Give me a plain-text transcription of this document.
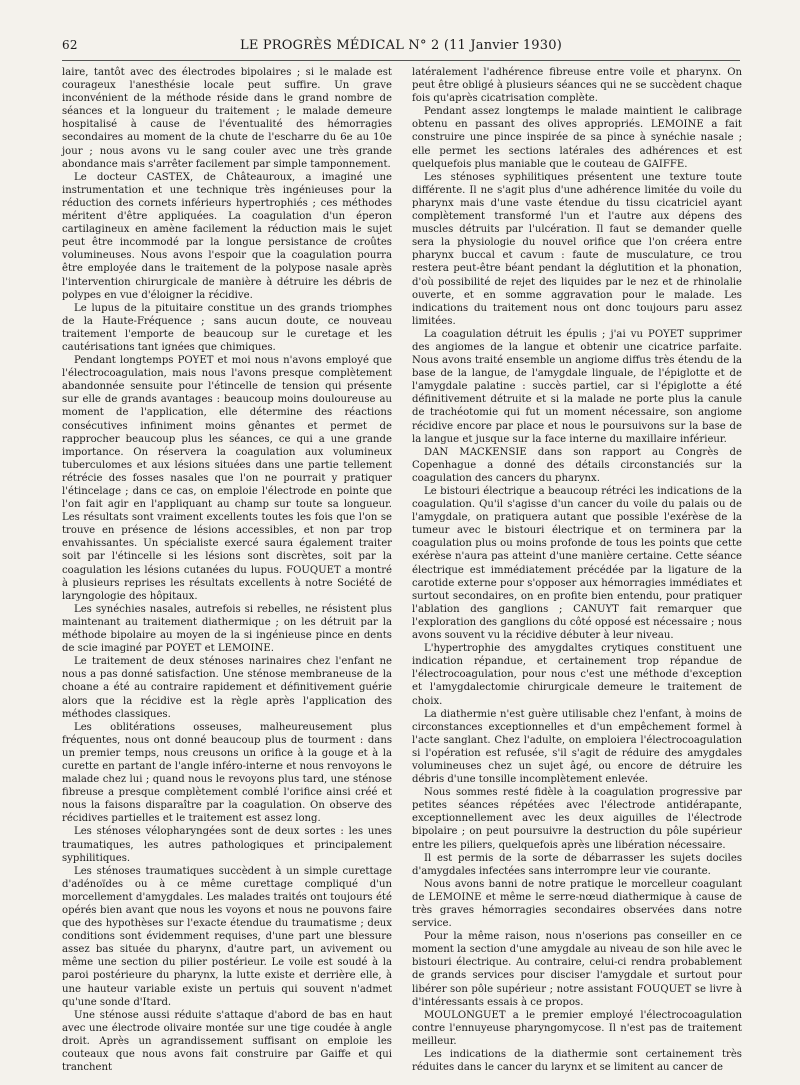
62	LE PROGRÈS MÉDICAL N° 2 (11 Janvier 1930)

laire, tantôt avec des électrodes bipolaires ; si le malade est courageux l'anesthésie locale peut suffire. Un grave inconvénient de la méthode réside dans le grand nombre de séances et la longueur du traitement ; le malade demeure hospitalisé à cause de l'éventualité des hémorragies secondaires au moment de la chute de l'escharre du 6e au 10e jour ; nous avons vu le sang couler avec une très grande abondance mais s'arrêter facilement par simple tamponnement.

Le docteur CASTEX, de Châteauroux, a imaginé une instrumentation et une technique très ingénieuses pour la réduction des cornets inférieurs hypertrophiés ; ces méthodes méritent d'être appliquées. La coagulation d'un éperon cartilagineux en amène facilement la réduction mais le sujet peut être incommodé par la longue persistance de croûtes volumineuses. Nous avons l'espoir que la coagulation pourra être employée dans le traitement de la polypose nasale après l'intervention chirurgicale de manière à détruire les débris de polypes en vue d'éloigner la récidive.

Le lupus de la pituitaire constitue un des grands triomphes de la Haute-Fréquence ; sans aucun doute, ce nouveau traitement l'emporte de beaucoup sur le curetage et les cautérisations tant ignées que chimiques.

Pendant longtemps POYET et moi nous n'avons employé que l'électrocoagulation, mais nous l'avons presque complètement abandonnée sensuite pour l'étincelle de tension qui présente sur elle de grands avantages : beaucoup moins douloureuse au moment de l'application, elle détermine des réactions consécutives infiniment moins gênantes et permet de rapprocher beaucoup plus les séances, ce qui a une grande importance. On réservera la coagulation aux volumineux tuberculomes et aux lésions situées dans une partie tellement rétrécie des fosses nasales que l'on ne pourrait y pratiquer l'étincelage ; dans ce cas, on emploie l'électrode en pointe que l'on fait agir en l'appliquant au champ sur toute sa longueur. Les résultats sont vraiment excellents toutes les fois que l'on se trouve en présence de lésions accessibles, et non par trop envahissantes. Un spécialiste exercé saura également traiter soit par l'étincelle si les lésions sont discrètes, soit par la coagulation les lésions cutanées du lupus. FOUQUET a montré à plusieurs reprises les résultats excellents à notre Société de laryngologie des hôpitaux.

Les synéchies nasales, autrefois si rebelles, ne résistent plus maintenant au traitement diathermique ; on les détruit par la méthode bipolaire au moyen de la si ingénieuse pince en dents de scie imaginé par POYET et LEMOINE.

Le traitement de deux sténoses narinaires chez l'enfant ne nous a pas donné satisfaction. Une sténose membraneuse de la choane a été au contraire rapidement et définitivement guérie alors que la récidive est la règle après l'application des méthodes classiques.

Les oblitérations osseuses, malheureusement plus fréquentes, nous ont donné beaucoup plus de tourment : dans un premier temps, nous creusons un orifice à la gouge et à la curette en partant de l'angle inféro-interne et nous renvoyons le malade chez lui ; quand nous le revoyons plus tard, une sténose fibreuse a presque complètement comblé l'orifice ainsi créé et nous la faisons disparaître par la coagulation. On observe des récidives partielles et le traitement est assez long.

Les sténoses vélopharyngées sont de deux sortes : les unes traumatiques, les autres pathologiques et principalement syphilitiques.

Les sténoses traumatiques succèdent à un simple curettage d'adénoïdes ou à ce même curettage compliqué d'un morcellement d'amygdales. Les malades traités ont toujours été opérés bien avant que nous les voyons et nous ne pouvons faire que des hypothèses sur l'exacte étendue du traumatisme ; deux conditions sont évidemment requises, d'une part une blessure assez bas située du pharynx, d'autre part, un avivement ou même une section du pilier postérieur. Le voile est soudé à la paroi postérieure du pharynx, la lutte existe et derrière elle, à une hauteur variable existe un pertuis qui souvent n'admet qu'une sonde d'Itard.

Une sténose aussi réduite s'attaque d'abord de bas en haut avec une électrode olivaire montée sur une tige coudée à angle droit. Après un agrandissement suffisant on emploie les couteaux que nous avons fait construire par Gaiffe et qui tranchent

latéralement l'adhérence fibreuse entre voile et pharynx. On peut être obligé à plusieurs séances qui ne se succèdent chaque fois qu'après cicatrisation complète.

Pendant assez longtemps le malade maintient le calibrage obtenu en passant des olives appropriés. LEMOINE a fait construire une pince inspirée de sa pince à synéchie nasale ; elle permet les sections latérales des adhérences et est quelquefois plus maniable que le couteau de GAIFFE.

Les sténoses syphilitiques présentent une texture toute différente. Il ne s'agit plus d'une adhérence limitée du voile du pharynx mais d'une vaste étendue du tissu cicatriciel ayant complètement transformé l'un et l'autre aux dépens des muscles détruits par l'ulcération. Il faut se demander quelle sera la physiologie du nouvel orifice que l'on créera entre pharynx buccal et cavum : faute de musculature, ce trou restera peut-être béant pendant la déglutition et la phonation, d'où possibilité de rejet des liquides par le nez et de rhinolalie ouverte, et en somme aggravation pour le malade. Les indications du traitement nous ont donc toujours paru assez limitées.

La coagulation détruit les épulis ; j'ai vu POYET supprimer des angiomes de la langue et obtenir une cicatrice parfaite. Nous avons traité ensemble un angiome diffus très étendu de la base de la langue, de l'amygdale linguale, de l'épiglotte et de l'amygdale palatine : succès partiel, car si l'épiglotte a été définitivement détruite et si la malade ne porte plus la canule de trachéotomie qui fut un moment nécessaire, son angiome récidive encore par place et nous le poursuivons sur la base de la langue et jusque sur la face interne du maxillaire inférieur.

DAN MACKENSIE dans son rapport au Congrès de Copenhague a donné des détails circonstanciés sur la coagulation des cancers du pharynx.

Le bistouri électrique a beaucoup rétréci les indications de la coagulation. Qu'il s'agisse d'un cancer du voile du palais ou de l'amygdale, on pratiquera autant que possible l'exérèse de la tumeur avec le bistouri électrique et on terminera par la coagulation plus ou moins profonde de tous les points que cette exérèse n'aura pas atteint d'une manière certaine. Cette séance électrique est immédiatement précédée par la ligature de la carotide externe pour s'opposer aux hémorragies immédiates et surtout secondaires, on en profite bien entendu, pour pratiquer l'ablation des ganglions ; CANUYT fait remarquer que l'exploration des ganglions du côté opposé est nécessaire ; nous avons souvent vu la récidive débuter à leur niveau.

L'hypertrophie des amygdaltes crytiques constituent une indication répandue, et certainement trop répandue de l'électrocoagulation, pour nous c'est une méthode d'exception et l'amygdalectomie chirurgicale demeure le traitement de choix.

La diathermie n'est guère utilisable chez l'enfant, à moins de circonstances exceptionnelles et d'un empêchement formel à l'acte sanglant. Chez l'adulte, on emploiera l'électrocoagulation si l'opération est refusée, s'il s'agit de réduire des amygdales volumineuses chez un sujet âgé, ou encore de détruire les débris d'une tonsille incomplètement enlevée.

Nous sommes resté fidèle à la coagulation progressive par petites séances répétées avec l'électrode antidérapante, exceptionnellement avec les deux aiguilles de l'électrode bipolaire ; on peut poursuivre la destruction du pôle supérieur entre les piliers, quelquefois après une libération nécessaire.

Il est permis de la sorte de débarrasser les sujets dociles d'amygdales infectées sans interrompre leur vie courante.

Nous avons banni de notre pratique le morcelleur coagulant de LEMOINE et même le serre-nœud diathermique à cause de très graves hémorragies secondaires observées dans notre service.

Pour la même raison, nous n'oserions pas conseiller en ce moment la section d'une amygdale au niveau de son hile avec le bistouri électrique. Au contraire, celui-ci rendra probablement de grands services pour disciser l'amygdale et surtout pour libérer son pôle supérieur ; notre assistant FOUQUET se livre à d'intéressants essais à ce propos.

MOULONGUET a le premier employé l'électrocoagulation contre l'ennuyeuse pharyngomycose. Il n'est pas de traitement meilleur.

Les indications de la diathermie sont certainement très réduites dans le cancer du larynx et se limitent au cancer de
